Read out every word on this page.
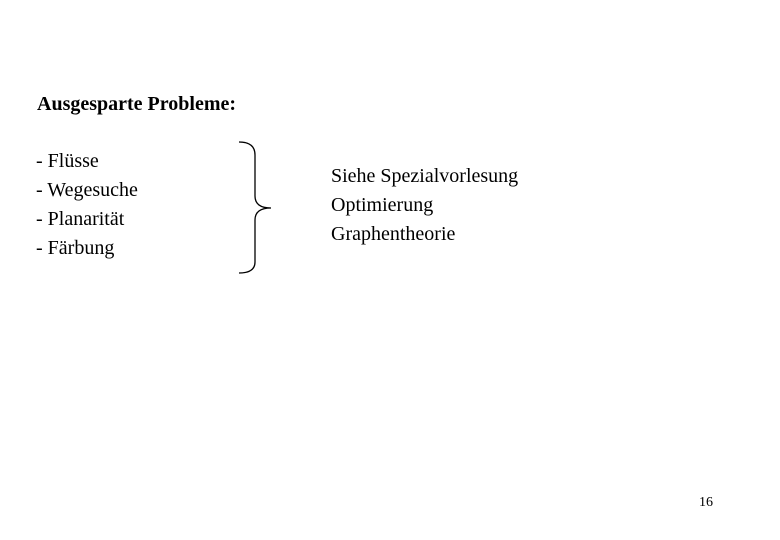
Ausgesparte Probleme:
- Flüsse
- Wegesuche
- Planarität
- Färbung
Siehe Spezialvorlesung
Optimierung
Graphentheorie
16
